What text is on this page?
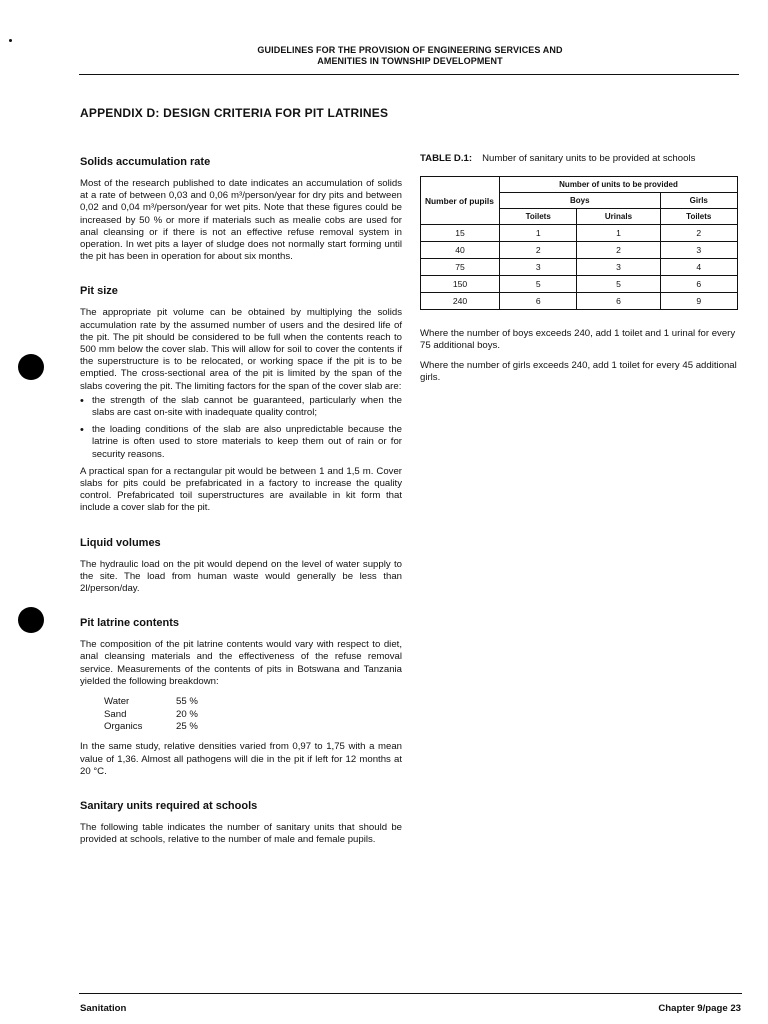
GUIDELINES FOR THE PROVISION OF ENGINEERING SERVICES AND
AMENITIES IN TOWNSHIP DEVELOPMENT
APPENDIX D: DESIGN CRITERIA FOR PIT LATRINES
Solids accumulation rate

Most of the research published to date indicates an accumulation of solids at a rate of between 0,03 and 0,06 m³/person/year for dry pits and between 0,02 and 0,04 m³/person/year for wet pits. Note that these figures could be increased by 50 % or more if materials such as mealie cobs are used for anal cleansing or if there is not an effective refuse removal system in operation. In wet pits a layer of sludge does not normally start forming until the pit has been in operation for about six months.

Pit size

The appropriate pit volume can be obtained by multiplying the solids accumulation rate by the assumed number of users and the desired life of the pit. The pit should be considered to be full when the contents reach to 500 mm below the cover slab. This will allow for soil to cover the contents if the superstructure is to be relocated, or working space if the pit is to be emptied. The cross-sectional area of the pit is limited by the span of the slabs covering the pit. The limiting factors for the span of the cover slab are:

• the strength of the slab cannot be guaranteed, particularly when the slabs are cast on-site with inadequate quality control;
• the loading conditions of the slab are also unpredictable because the latrine is often used to store materials to keep them out of rain or for security reasons.

A practical span for a rectangular pit would be between 1 and 1,5 m. Cover slabs for pits could be prefabricated in a factory to increase the quality control. Prefabricated toil superstructures are available in kit form that include a cover slab for the pit.

Liquid volumes

The hydraulic load on the pit would depend on the level of water supply to the site. The load from human waste would generally be less than 2l/person/day.

Pit latrine contents

The composition of the pit latrine contents would vary with respect to diet, anal cleansing materials and the effectiveness of the refuse removal service. Measurements of the contents of pits in Botswana and Tanzania yielded the following breakdown:

Water	55 %
Sand	20 %
Organics	25 %

In the same study, relative densities varied from 0,97 to 1,75 with a mean value of 1,36. Almost all pathogens will die in the pit if left for 12 months at 20 °C.

Sanitary units required at schools

The following table indicates the number of sanitary units that should be provided at schools, relative to the number of male and female pupils.

TABLE D.1: Number of sanitary units to be provided at schools
Number of pupils	Number of units to be provided		
	Boys		Girls
	Toilets	Urinals	Toilets
15	1	1	2
40	2	2	3
75	3	3	4
150	5	5	6
240	6	6	9

Where the number of boys exceeds 240, add 1 toilet and 1 urinal for every 75 additional boys.

Where the number of girls exceeds 240, add 1 toilet for every 45 additional girls.

Sanitation	Chapter 9/page 23
